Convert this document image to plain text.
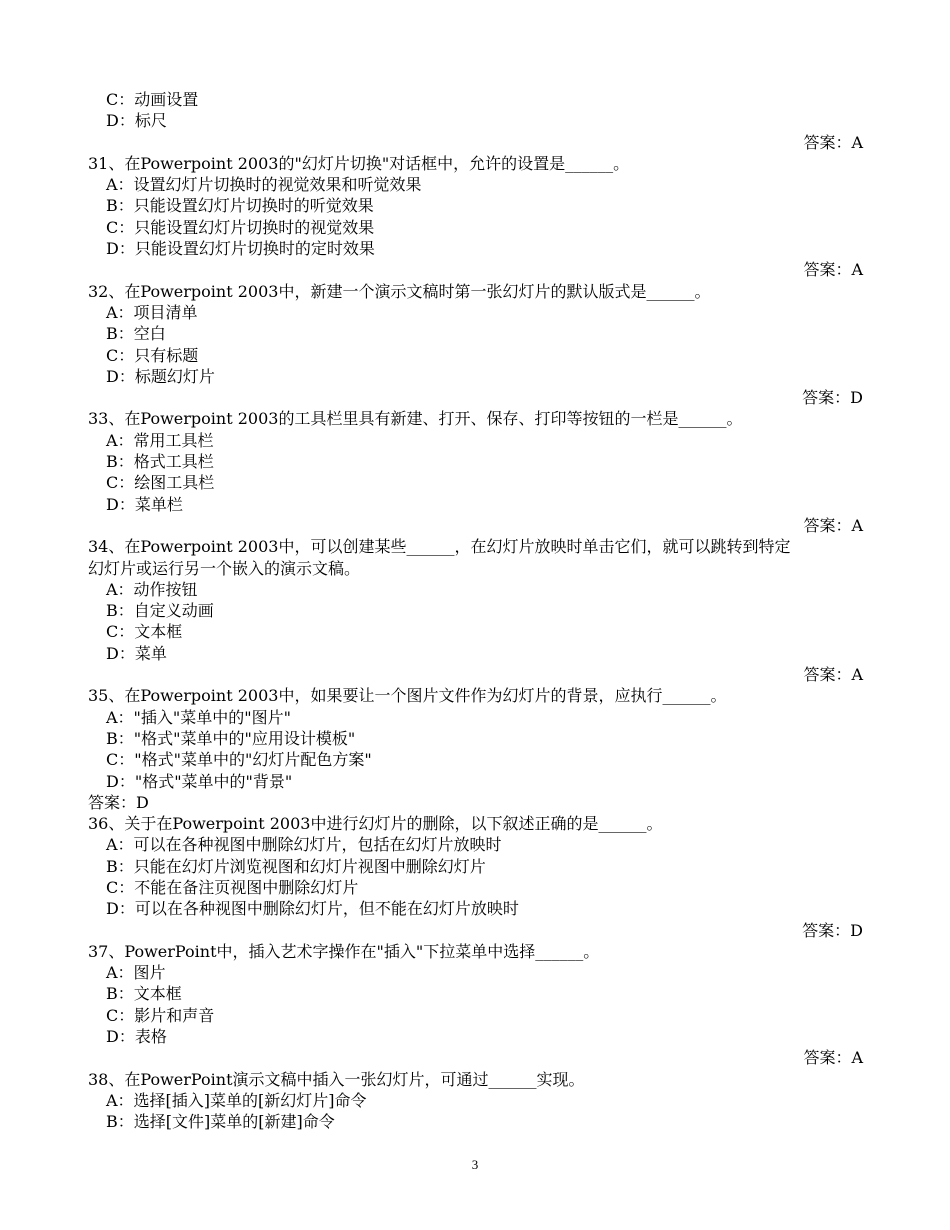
C：动画设置
D：标尺
答案：A
31、在Powerpoint 2003的"幻灯片切换"对话框中，允许的设置是______。
A：设置幻灯片切换时的视觉效果和听觉效果
B：只能设置幻灯片切换时的听觉效果
C：只能设置幻灯片切换时的视觉效果
D：只能设置幻灯片切换时的定时效果
答案：A
32、在Powerpoint 2003中，新建一个演示文稿时第一张幻灯片的默认版式是______。
A：项目清单
B：空白
C：只有标题
D：标题幻灯片
答案：D
33、在Powerpoint 2003的工具栏里具有新建、打开、保存、打印等按钮的一栏是______。
A：常用工具栏
B：格式工具栏
C：绘图工具栏
D：菜单栏
答案：A
34、在Powerpoint 2003中，可以创建某些______，在幻灯片放映时单击它们，就可以跳转到特定
幻灯片或运行另一个嵌入的演示文稿。
A：动作按钮
B：自定义动画
C：文本框
D：菜单
答案：A
35、在Powerpoint 2003中，如果要让一个图片文件作为幻灯片的背景，应执行______。
A："插入"菜单中的"图片"
B："格式"菜单中的"应用设计模板"
C："格式"菜单中的"幻灯片配色方案"
D："格式"菜单中的"背景"
答案：D
36、关于在Powerpoint 2003中进行幻灯片的删除，以下叙述正确的是______。
A：可以在各种视图中删除幻灯片，包括在幻灯片放映时
B：只能在幻灯片浏览视图和幻灯片视图中删除幻灯片
C：不能在备注页视图中删除幻灯片
D：可以在各种视图中删除幻灯片，但不能在幻灯片放映时
答案：D
37、PowerPoint中，插入艺术字操作在"插入"下拉菜单中选择______。
A：图片
B：文本框
C：影片和声音
D：表格
答案：A
38、在PowerPoint演示文稿中插入一张幻灯片，可通过______实现。
A：选择[插入]菜单的[新幻灯片]命令
B：选择[文件]菜单的[新建]命令
3
